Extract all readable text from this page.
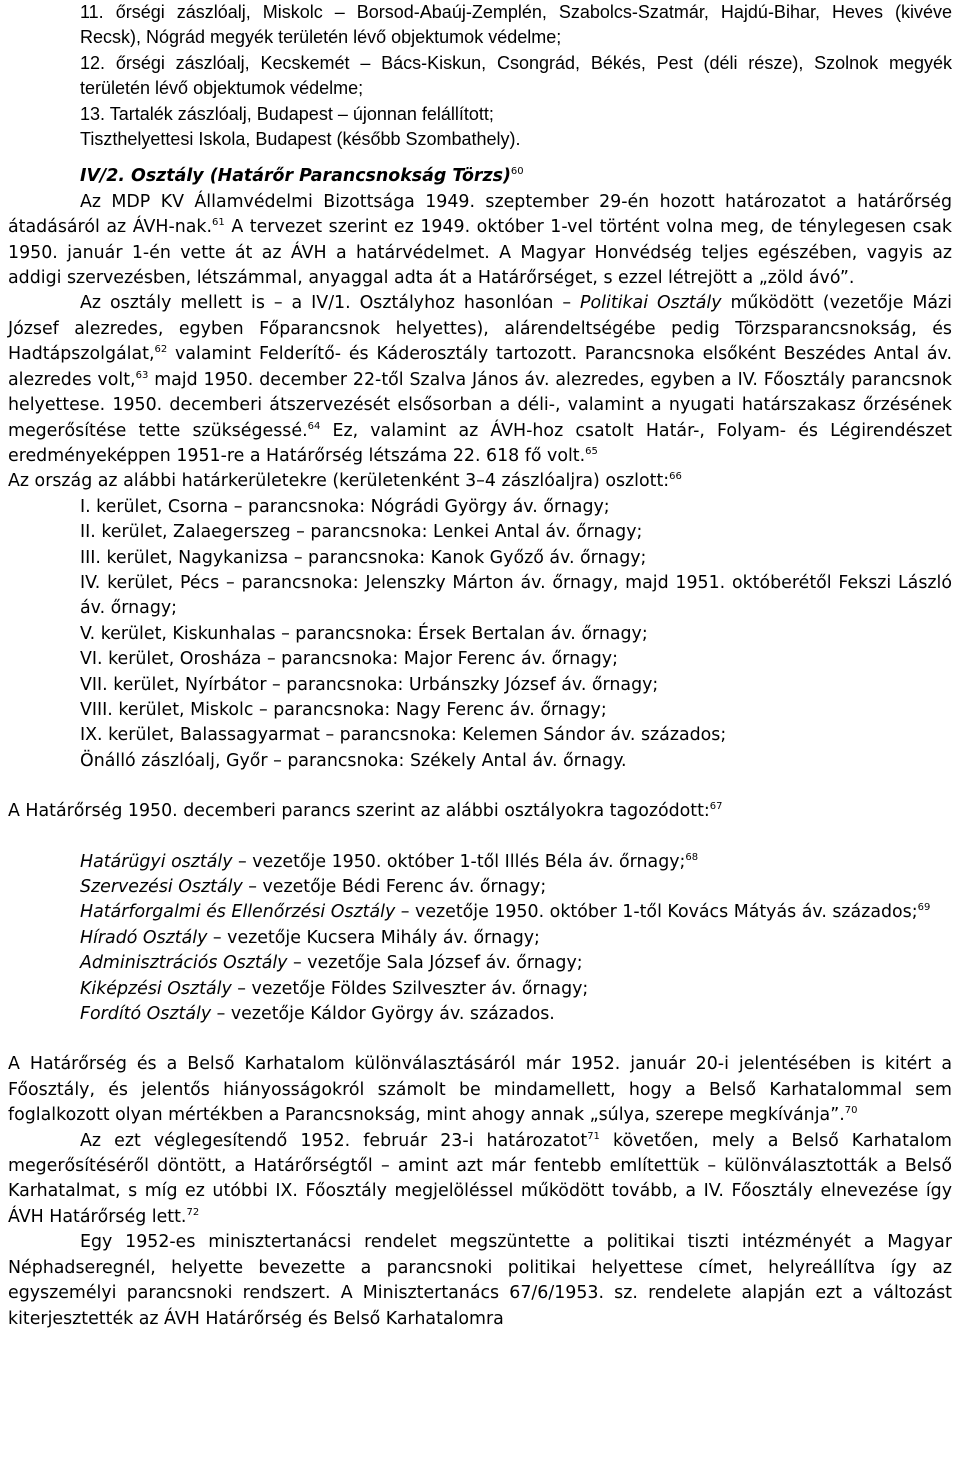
11. őrségi zászlóalj, Miskolc – Borsod-Abaúj-Zemplén, Szabolcs-Szatmár, Hajdú-Bihar, Heves (kivéve Recsk), Nógrád megyék területén lévő objektumok védelme;

12. őrségi zászlóalj, Kecskemét – Bács-Kiskun, Csongrád, Békés, Pest (déli része), Szolnok megyék területén lévő objektumok védelme;

13. Tartalék zászlóalj, Budapest – újonnan felállított;

Tiszthelyettesi Iskola, Budapest (később Szombathely).

IV/2. Osztály (Határőr Parancsnokság Törzs)$^{60}$

Az MDP KV Államvédelmi Bizottsága 1949. szeptember 29-én hozott határozatot a határőrség átadásáról az ÁVH-nak.$^{61}$ A tervezet szerint ez 1949. október 1-vel történt volna meg, de ténylegesen csak 1950. január 1-én vette át az ÁVH a határvédelmet. A Magyar Honvédség teljes egészében, vagyis az addigi szervezésben, létszámmal, anyaggal adta át a Határőrséget, s ezzel létrejött a „zöld ávó”.

Az osztály mellett is – a IV/1. Osztályhoz hasonlóan – Politikai Osztály működött (vezetője Mázi József alezredes, egyben Főparancsnok helyettes), alárendeltségébe pedig Törzsparancsnokság, és Hadtápszolgálat,$^{62}$ valamint Felderítő- és Káderosztály tartozott. Parancsnoka elsőként Beszédes Antal áv. alezredes volt,$^{63}$ majd 1950. december 22-től Szalva János áv. alezredes, egyben a IV. Főosztály parancsnok helyettese. 1950. decemberi átszervezését elsősorban a déli-, valamint a nyugati határszakasz őrzésének megerősítése tette szükségessé.$^{64}$ Ez, valamint az ÁVH-hoz csatolt Határ-, Folyam- és Légirendészet eredményeképpen 1951-re a Határőrség létszáma 22. 618 fő volt.$^{65}$

Az ország az alábbi határkerületekre (kerületenként 3–4 zászlóaljra) oszlott:$^{66}$

I. kerület, Csorna – parancsnoka: Nógrádi György áv. őrnagy;

II. kerület, Zalaegerszeg – parancsnoka: Lenkei Antal áv. őrnagy;

III. kerület, Nagykanizsa – parancsnoka: Kanok Győző áv. őrnagy;

IV. kerület, Pécs – parancsnoka: Jelenszky Márton áv. őrnagy, majd 1951. októberétől Fekszi László áv. őrnagy;

V. kerület, Kiskunhalas – parancsnoka: Érsek Bertalan áv. őrnagy;

VI. kerület, Orosháza – parancsnoka: Major Ferenc áv. őrnagy;

VII. kerület, Nyírbátor – parancsnoka: Urbánszky József áv. őrnagy;

VIII. kerület, Miskolc – parancsnoka: Nagy Ferenc áv. őrnagy;

IX. kerület, Balassagyarmat – parancsnoka: Kelemen Sándor áv. százados;

Önálló zászlóalj, Győr – parancsnoka: Székely Antal áv. őrnagy.

A Határőrség 1950. decemberi parancs szerint az alábbi osztályokra tagozódott:$^{67}$

Határügyi osztály – vezetője 1950. október 1-től Illés Béla áv. őrnagy;$^{68}$

Szervezési Osztály – vezetője Bédi Ferenc áv. őrnagy;

Határforgalmi és Ellenőrzési Osztály – vezetője 1950. október 1-től Kovács Mátyás áv. százados;$^{69}$

Híradó Osztály – vezetője Kucsera Mihály áv. őrnagy;

Adminisztrációs Osztály – vezetője Sala József áv. őrnagy;

Kiképzési Osztály – vezetője Földes Szilveszter áv. őrnagy;

Fordító Osztály – vezetője Káldor György áv. százados.

A Határőrség és a Belső Karhatalom különválasztásáról már 1952. január 20-i jelentésében is kitért a Főosztály, és jelentős hiányosságokról számolt be mindamellett, hogy a Belső Karhatalommal sem foglalkozott olyan mértékben a Parancsnokság, mint ahogy annak „súlya, szerepe megkívánja”.$^{70}$

Az ezt véglegesítendő 1952. február 23-i határozatot$^{71}$ követően, mely a Belső Karhatalom megerősítéséről döntött, a Határőrségtől – amint azt már fentebb említettük – különválasztották a Belső Karhatalmat, s míg ez utóbbi IX. Főosztály megjelöléssel működött tovább, a IV. Főosztály elnevezése így ÁVH Határőrség lett.$^{72}$

Egy 1952-es minisztertanácsi rendelet megszüntette a politikai tiszti intézményét a Magyar Néphadseregnél, helyette bevezette a parancsnoki politikai helyettese címet, helyreállítva így az egyszemélyi parancsnoki rendszert. A Minisztertanács 67/6/1953. sz. rendelete alapján ezt a változást kiterjesztették az ÁVH Határőrség és Belső Karhatalomra
